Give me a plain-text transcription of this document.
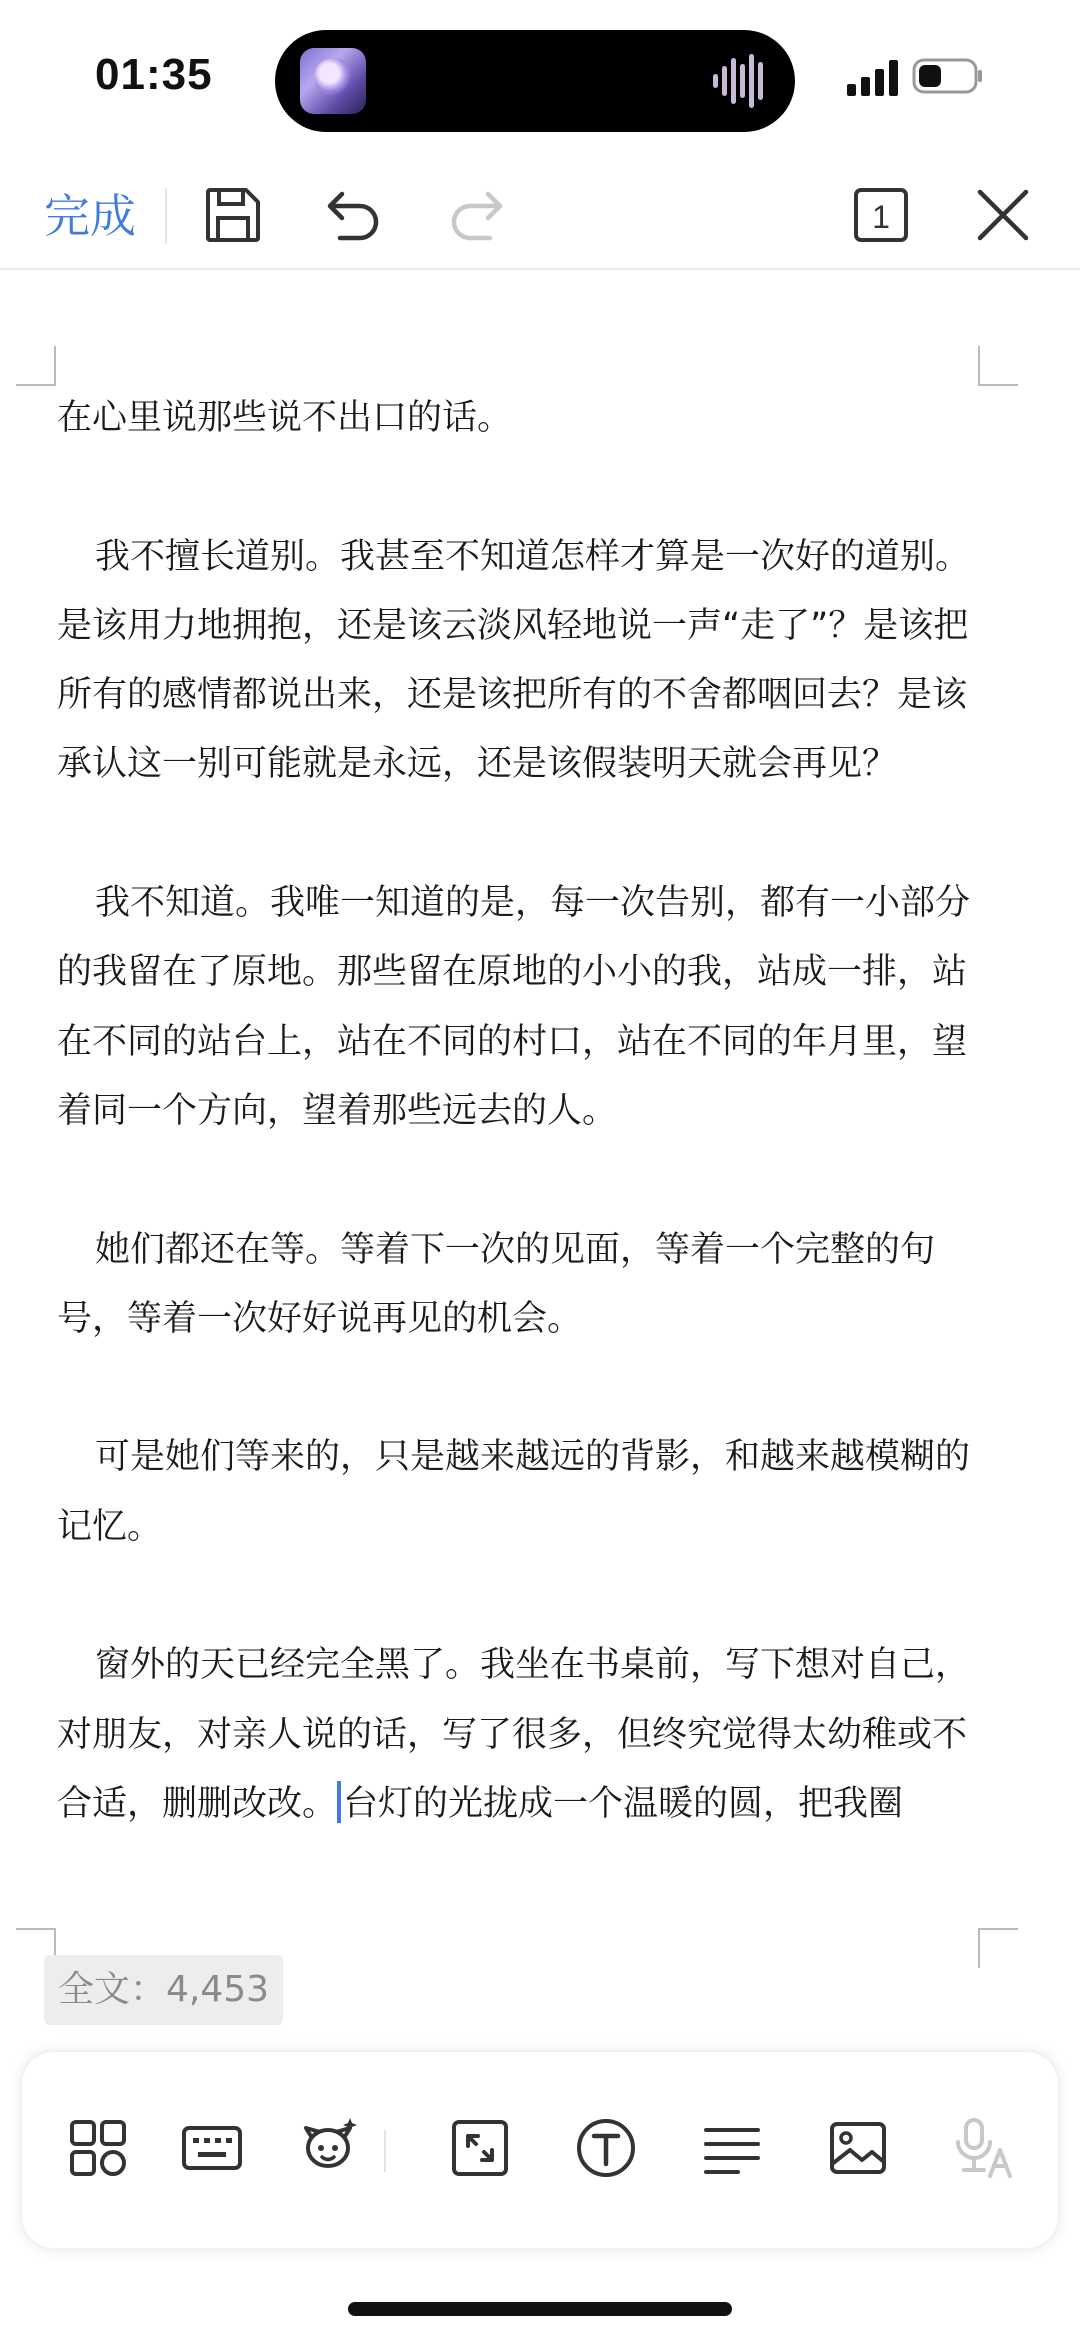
01:35
完成	1

在心里说那些说不出口的话。

我不擅长道别。我甚至不知道怎样才算是一次好的道别。是该用力地拥抱，还是该云淡风轻地说一声“走了”？是该把所有的感情都说出来，还是该把所有的不舍都咽回去？是该承认这一别可能就是永远，还是该假装明天就会再见？

我不知道。我唯一知道的是，每一次告别，都有一小部分的我留在了原地。那些留在原地的小小的我，站成一排，站在不同的站台上，站在不同的村口，站在不同的年月里，望着同一个方向，望着那些远去的人。

她们都还在等。等着下一次的见面，等着一个完整的句号，等着一次好好说再见的机会。

可是她们等来的，只是越来越远的背影，和越来越模糊的记忆。

窗外的天已经完全黑了。我坐在书桌前，写下想对自己，对朋友，对亲人说的话，写了很多，但终究觉得太幼稚或不合适，删删改改。 台灯的光拢成一个温暖的圆，把我圈

全文：4,453
